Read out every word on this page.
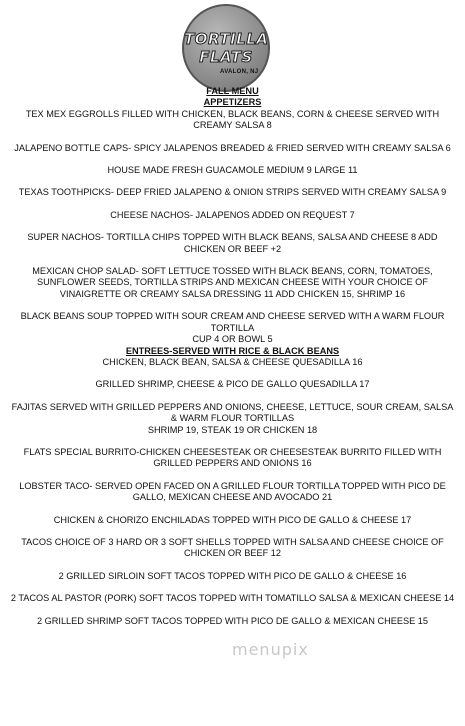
TORTILLA
FLATS
AVALON, NJ
FALL MENU
APPETIZERS
TEX MEX EGGROLLS FILLED WITH CHICKEN, BLACK BEANS, CORN & CHEESE SERVED WITH CREAMY SALSA 8
JALAPENO BOTTLE CAPS- SPICY JALAPENOS BREADED & FRIED SERVED WITH CREAMY SALSA 6
HOUSE MADE FRESH GUACAMOLE MEDIUM 9 LARGE 11
TEXAS TOOTHPICKS- DEEP FRIED JALAPENO & ONION STRIPS SERVED WITH CREAMY SALSA 9
CHEESE NACHOS- JALAPENOS ADDED ON REQUEST 7
SUPER NACHOS- TORTILLA CHIPS TOPPED WITH BLACK BEANS, SALSA AND CHEESE 8 ADD CHICKEN OR BEEF +2
MEXICAN CHOP SALAD- SOFT LETTUCE TOSSED WITH BLACK BEANS, CORN, TOMATOES, SUNFLOWER SEEDS, TORTILLA STRIPS AND MEXICAN CHEESE WITH YOUR CHOICE OF VINAIGRETTE OR CREAMY SALSA DRESSING 11 ADD CHICKEN 15, SHRIMP 16
BLACK BEANS SOUP TOPPED WITH SOUR CREAM AND CHEESE SERVED WITH A WARM FLOUR TORTILLA
CUP 4 OR BOWL 5
ENTREES-SERVED WITH RICE & BLACK BEANS
CHICKEN, BLACK BEAN, SALSA & CHEESE QUESADILLA 16
GRILLED SHRIMP, CHEESE & PICO DE GALLO QUESADILLA 17
FAJITAS SERVED WITH GRILLED PEPPERS AND ONIONS, CHEESE, LETTUCE, SOUR CREAM, SALSA & WARM FLOUR TORTILLAS
SHRIMP 19, STEAK 19 OR CHICKEN 18
FLATS SPECIAL BURRITO-CHICKEN CHEESESTEAK OR CHEESESTEAK BURRITO FILLED WITH GRILLED PEPPERS AND ONIONS 16
LOBSTER TACO- SERVED OPEN FACED ON A GRILLED FLOUR TORTILLA TOPPED WITH PICO DE GALLO, MEXICAN CHEESE AND AVOCADO 21
CHICKEN & CHORIZO ENCHILADAS TOPPED WITH PICO DE GALLO & CHEESE 17
TACOS CHOICE OF 3 HARD OR 3 SOFT SHELLS TOPPED WITH SALSA AND CHEESE CHOICE OF CHICKEN OR BEEF 12
2 GRILLED SIRLOIN SOFT TACOS TOPPED WITH PICO DE GALLO & CHEESE 16
2 TACOS AL PASTOR (PORK) SOFT TACOS TOPPED WITH TOMATILLO SALSA & MEXICAN CHEESE 14
2 GRILLED SHRIMP SOFT TACOS TOPPED WITH PICO DE GALLO & MEXICAN CHEESE 15
menupix
